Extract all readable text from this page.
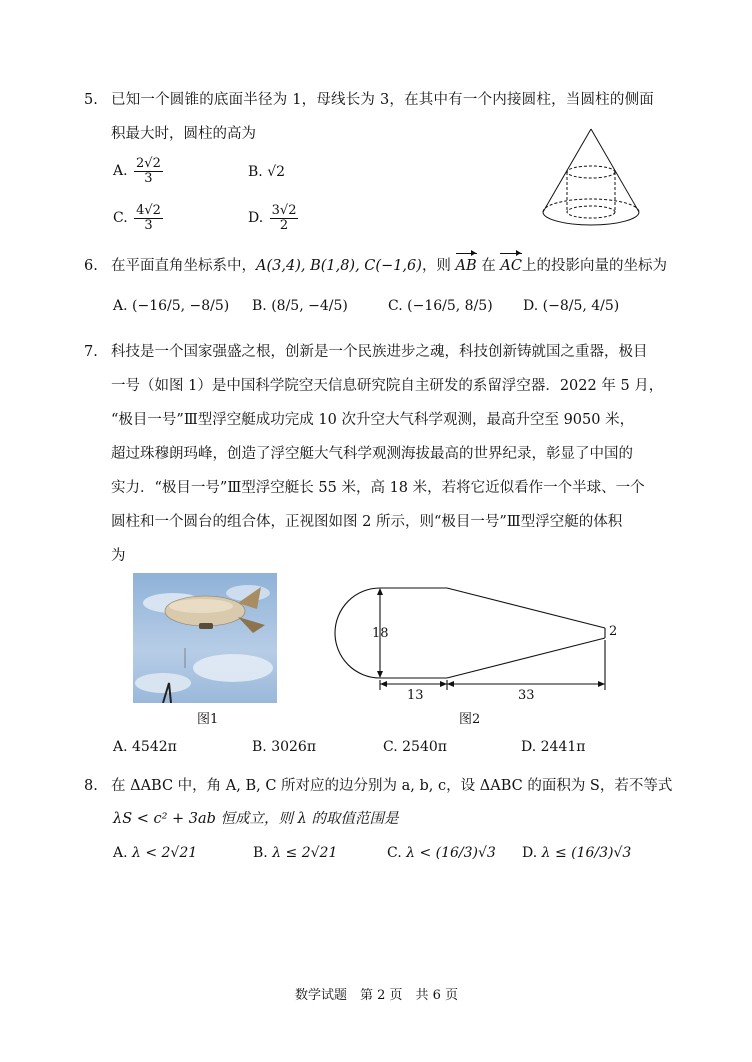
5. 已知一个圆锥的底面半径为 1，母线长为 3，在其中有一个内接圆柱，当圆柱的侧面
积最大时，圆柱的高为
A. $\frac{2√2}{3}$	B. √2
C. $\frac{4√2}{3}$	D. $\frac{3√2}{2}$
6. 在平面直角坐标系中，A(3,4), B(1,8), C(−1,6)，则 AB 在 AC上的投影向量的坐标为
A. (−16/5, −8/5) B. (8/5, −4/5)	C. (−16/5, 8/5) D. (−8/5, 4/5)
7. 科技是一个国家强盛之根，创新是一个民族进步之魂，科技创新铸就国之重器，极目
一号（如图 1）是中国科学院空天信息研究院自主研发的系留浮空器．2022 年 5 月，
“极目一号”Ⅲ型浮空艇成功完成 10 次升空大气科学观测，最高升空至 9050 米，
超过珠穆朗玛峰，创造了浮空艇大气科学观测海拔最高的世界纪录，彰显了中国的
实力．“极目一号”Ⅲ型浮空艇长 55 米，高 18 米，若将它近似看作一个半球、一个
圆柱和一个圆台的组合体，正视图如图 2 所示，则“极目一号”Ⅲ型浮空艇的体积
为
图1
18	2
13	33
图2
A. 4542π	B. 3026π	C. 2540π	D. 2441π
8. 在 ΔABC 中，角 A, B, C 所对应的边分别为 a, b, c，设 ΔABC 的面积为 S，若不等式
λS < c² + 3ab 恒成立，则 λ 的取值范围是
A. λ < 2√21	B. λ ≤ 2√21	C. λ < (16/3)√3 D. λ ≤ (16/3)√3
数学试题　第 2 页　共 6 页
